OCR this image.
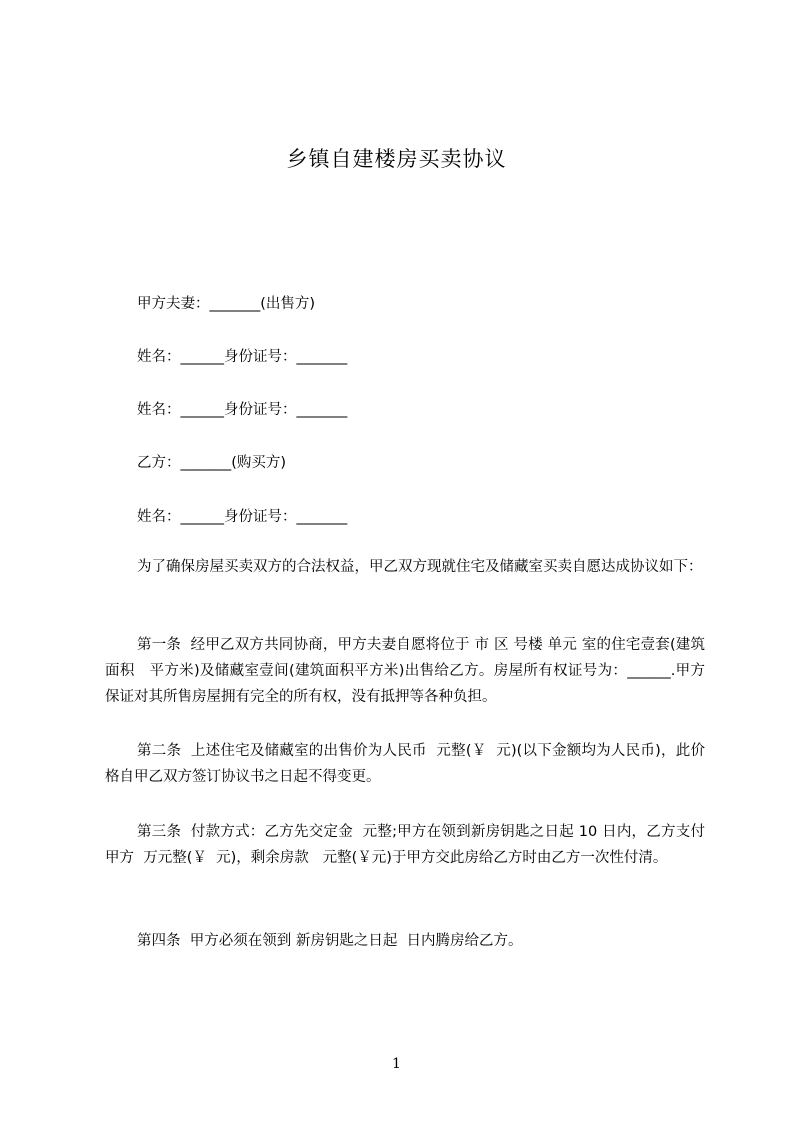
乡镇自建楼房买卖协议
甲方夫妻：_______(出售方)
姓名：______身份证号：_______
姓名：______身份证号：_______
乙方：_______(购买方)
姓名：______身份证号：_______
为了确保房屋买卖双方的合法权益，甲乙双方现就住宅及储藏室买卖自愿达成协议如下：
第一条  经甲乙双方共同协商，甲方夫妻自愿将位于 市 区 号楼 单元 室的住宅壹套(建筑面积   平方米)及储藏室壹间(建筑面积平方米)出售给乙方。房屋所有权证号为：______.甲方保证对其所售房屋拥有完全的所有权，没有抵押等各种负担。
第二条  上述住宅及储藏室的出售价为人民币  元整(￥  元)(以下金额均为人民币)，此价格自甲乙双方签订协议书之日起不得变更。
第三条  付款方式：乙方先交定金  元整;甲方在领到新房钥匙之日起 10 日内，乙方支付甲方  万元整(￥  元)，剩余房款   元整(￥元)于甲方交此房给乙方时由乙方一次性付清。
第四条  甲方必须在领到 新房钥匙之日起  日内腾房给乙方。
1
